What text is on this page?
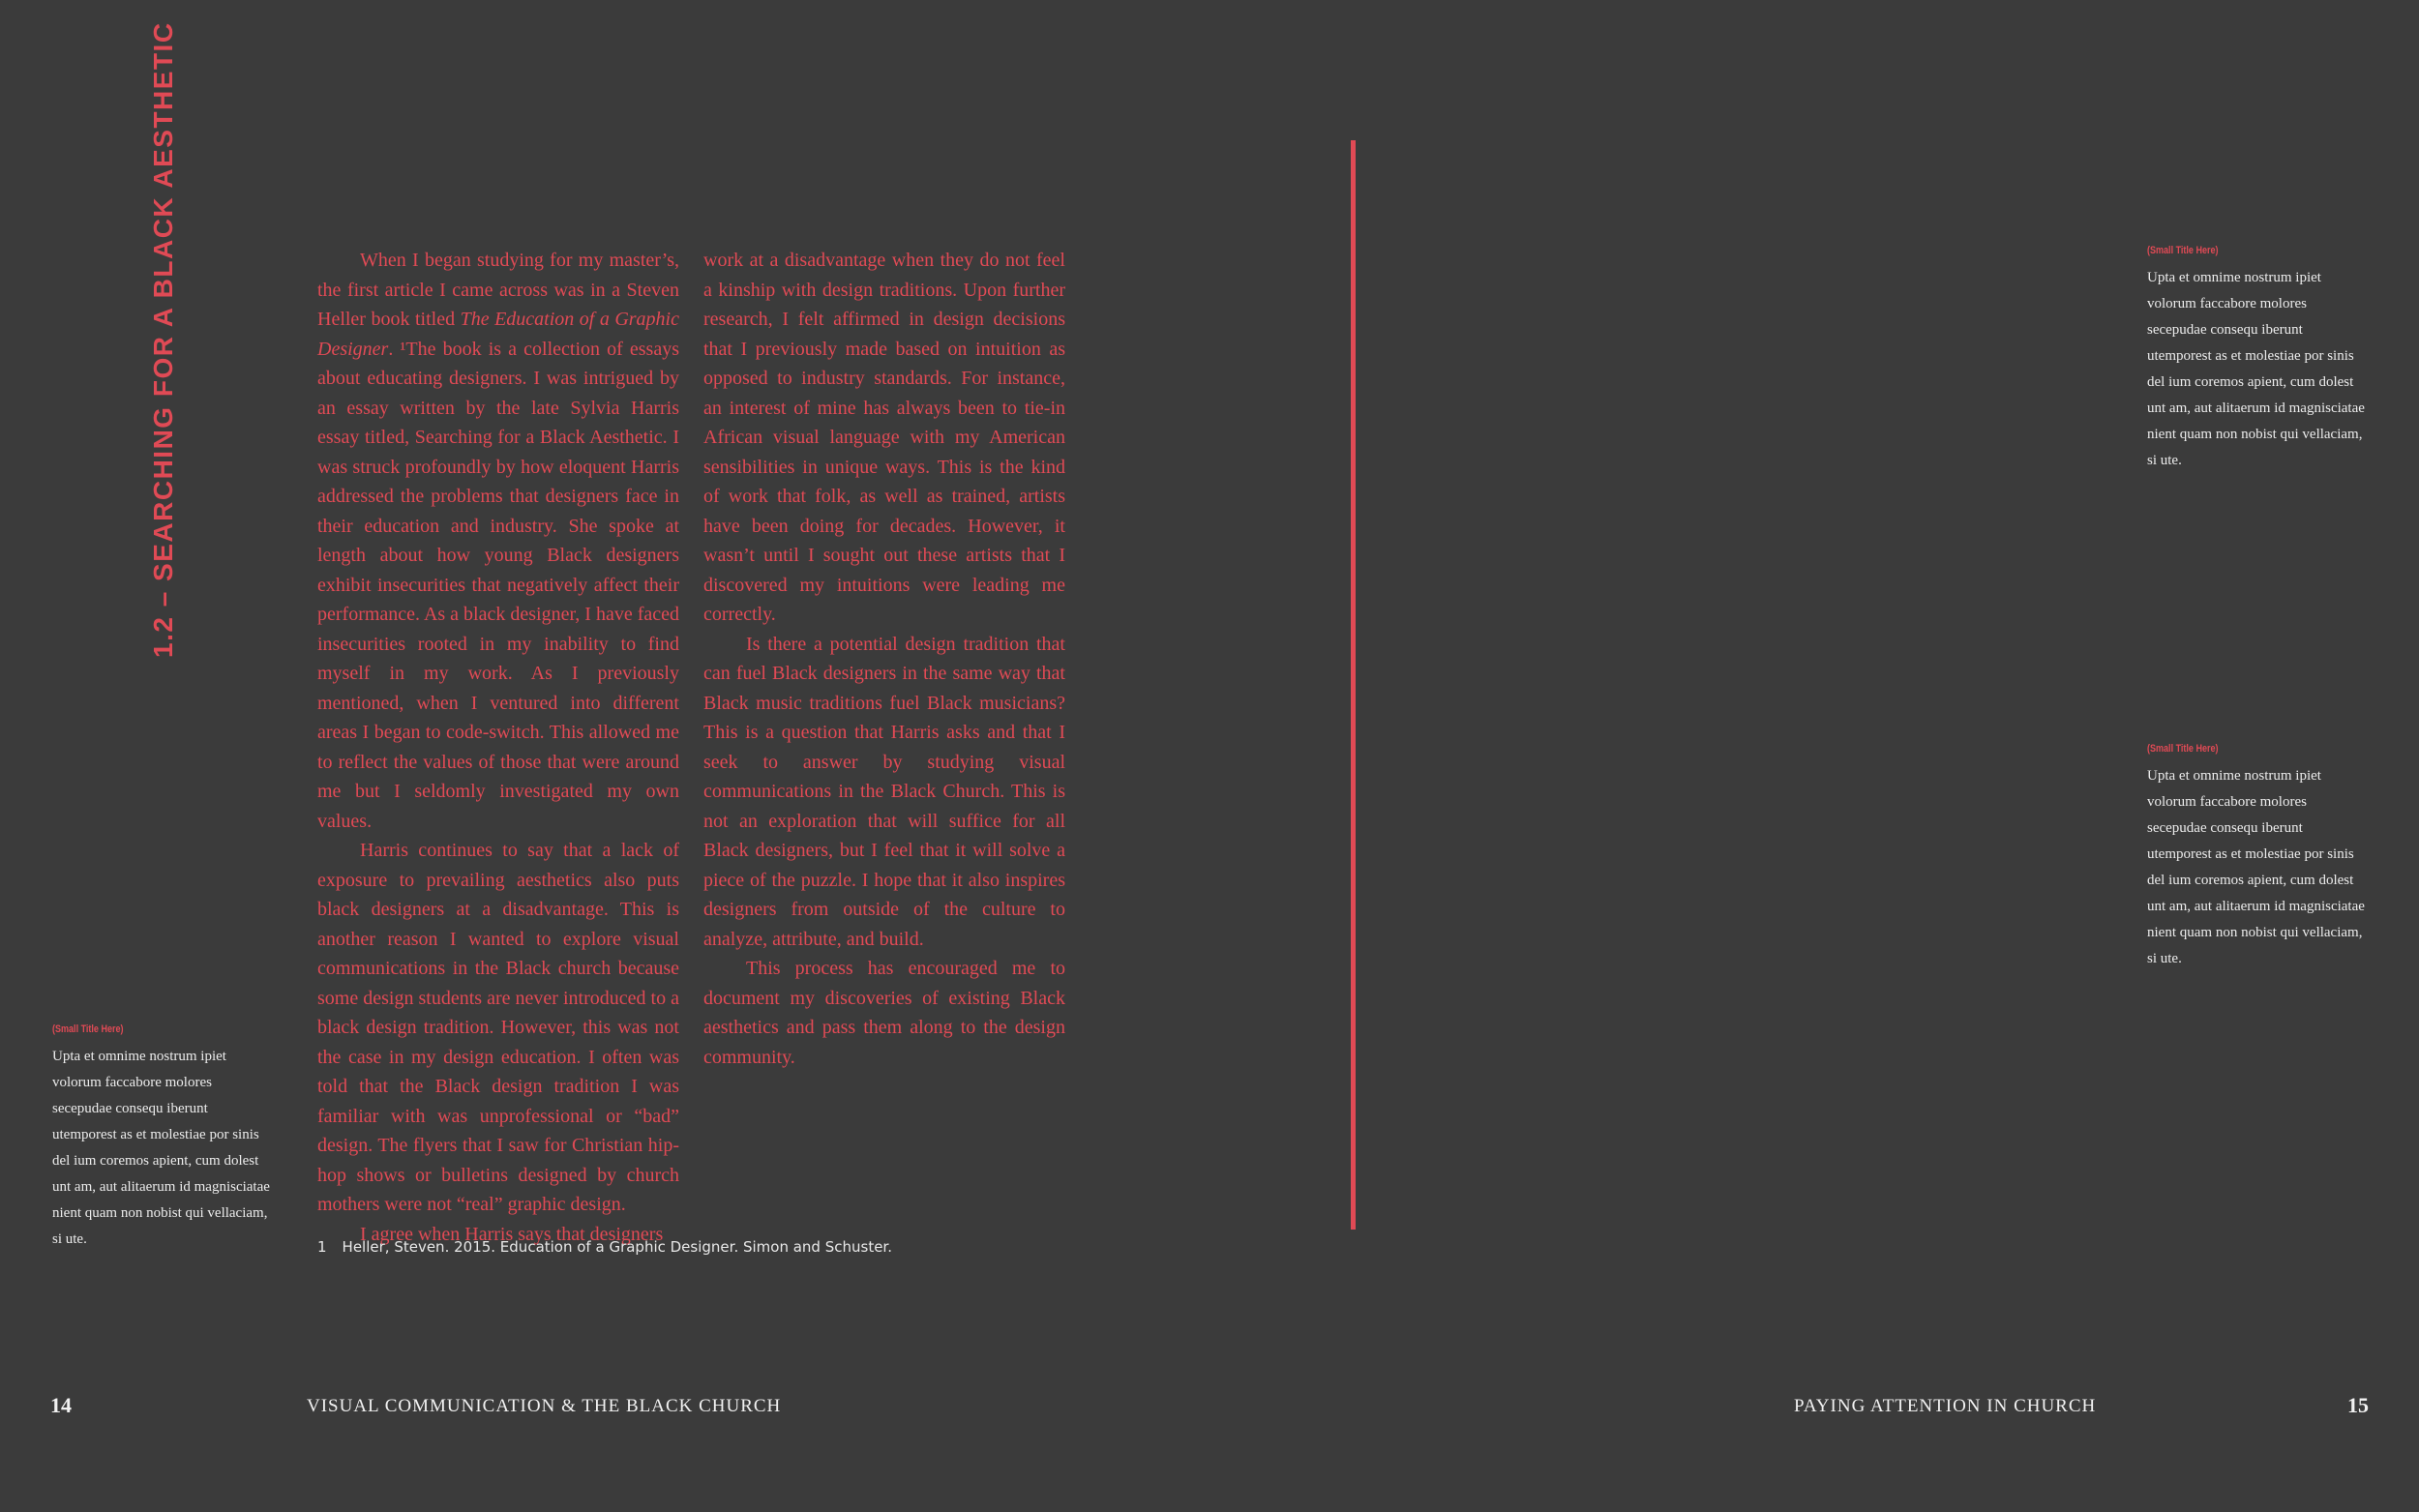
1.2 – SEARCHING FOR A BLACK AESTHETIC	When I began studying for my master’s, the first article I came across was in a Steven Heller book titled The Education of a Graphic Designer. ¹The book is a collection of essays about educating designers. I was intrigued by an essay written by the late Sylvia Harris essay titled, Searching for a Black Aesthetic. I was struck profoundly by how eloquent Harris addressed the problems that designers face in their education and industry. She spoke at length about how young Black designers exhibit insecurities that negatively affect their performance. As a black designer, I have faced insecurities rooted in my inability to find myself in my work. As I previously mentioned, when I ventured into different areas I began to code-switch. This allowed me to reflect the values of those that were around me but I seldomly investigated my own values.

Harris continues to say that a lack of exposure to prevailing aesthetics also puts black designers at a disadvantage. This is another reason I wanted to explore visual communications in the Black church because some design students are never introduced to a black design tradition. However, this was not the case in my design education. I often was told that the Black design tradition I was familiar with was unprofessional or “bad” design. The flyers that I saw for Christian hip-hop shows or bulletins designed by church mothers were not “real” graphic design.

I agree when Harris says that designers

work at a disadvantage when they do not feel a kinship with design traditions. Upon further research, I felt affirmed in design decisions that I previously made based on intuition as opposed to industry standards. For instance, an interest of mine has always been to tie-in African visual language with my American sensibilities in unique ways. This is the kind of work that folk, as well as trained, artists have been doing for decades. However, it wasn’t until I sought out these artists that I discovered my intuitions were leading me correctly.

Is there a potential design tradition that can fuel Black designers in the same way that Black music traditions fuel Black musicians? This is a question that Harris asks and that I seek to answer by studying visual communications in the Black Church. This is not an exploration that will suffice for all Black designers, but I feel that it will solve a piece of the puzzle. I hope that it also inspires designers from outside of the culture to analyze, attribute, and build.

This process has encouraged me to document my discoveries of existing Black aesthetics and pass them along to the design community.

1 Heller, Steven. 2015. Education of a Graphic Designer. Simon and Schuster.
(Small Title Here)
Upta et omnime nostrum ipiet volorum faccabore molores secepudae consequ iberunt utemporest as et molestiae por sinis del ium coremos apient, cum dolest unt am, aut alitaerum id magnisciatae nient quam non nobist qui vellaciam, si ute.
14	VISUAL COMMUNICATION & THE BLACK CHURCH
(Small Title Here)
Upta et omnime nostrum ipiet volorum faccabore molores secepudae consequ iberunt utemporest as et molestiae por sinis del ium coremos apient, cum dolest unt am, aut alitaerum id magnisciatae nient quam non nobist qui vellaciam, si ute.
(Small Title Here)
Upta et omnime nostrum ipiet volorum faccabore molores secepudae consequ iberunt utemporest as et molestiae por sinis del ium coremos apient, cum dolest unt am, aut alitaerum id magnisciatae nient quam non nobist qui vellaciam, si ute.
PAYING ATTENTION IN CHURCH	15
